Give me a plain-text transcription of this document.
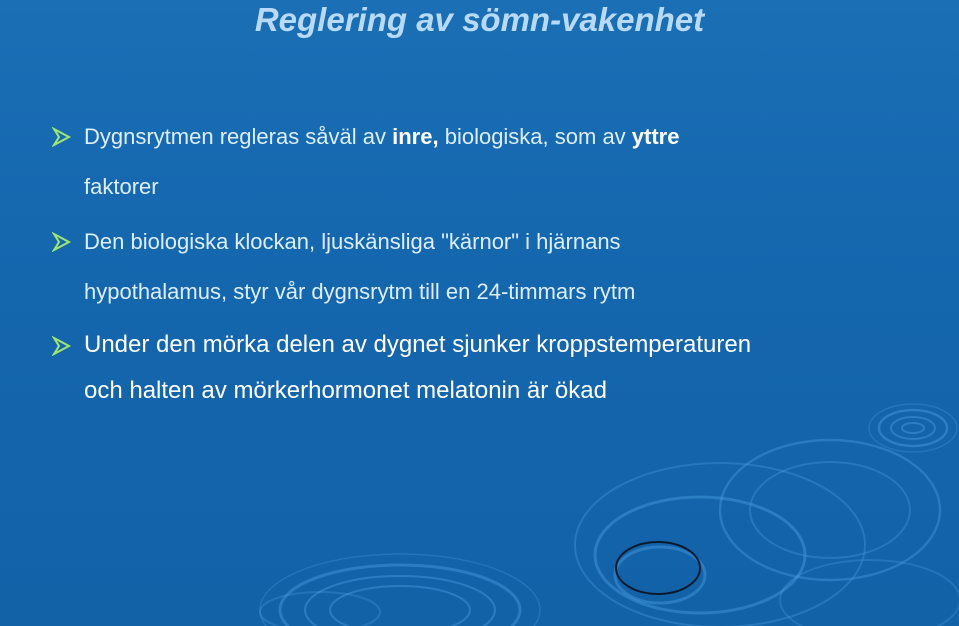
Reglering av sömn-vakenhet
Dygnsrytmen regleras såväl av inre, biologiska, som av yttre
faktorer
Den biologiska klockan, ljuskänsliga "kärnor" i hjärnans
hypothalamus, styr vår dygnsrytm till en 24-timmars rytm
Under den mörka delen av dygnet sjunker kroppstemperaturen
och halten av mörkerhormonet melatonin är ökad
